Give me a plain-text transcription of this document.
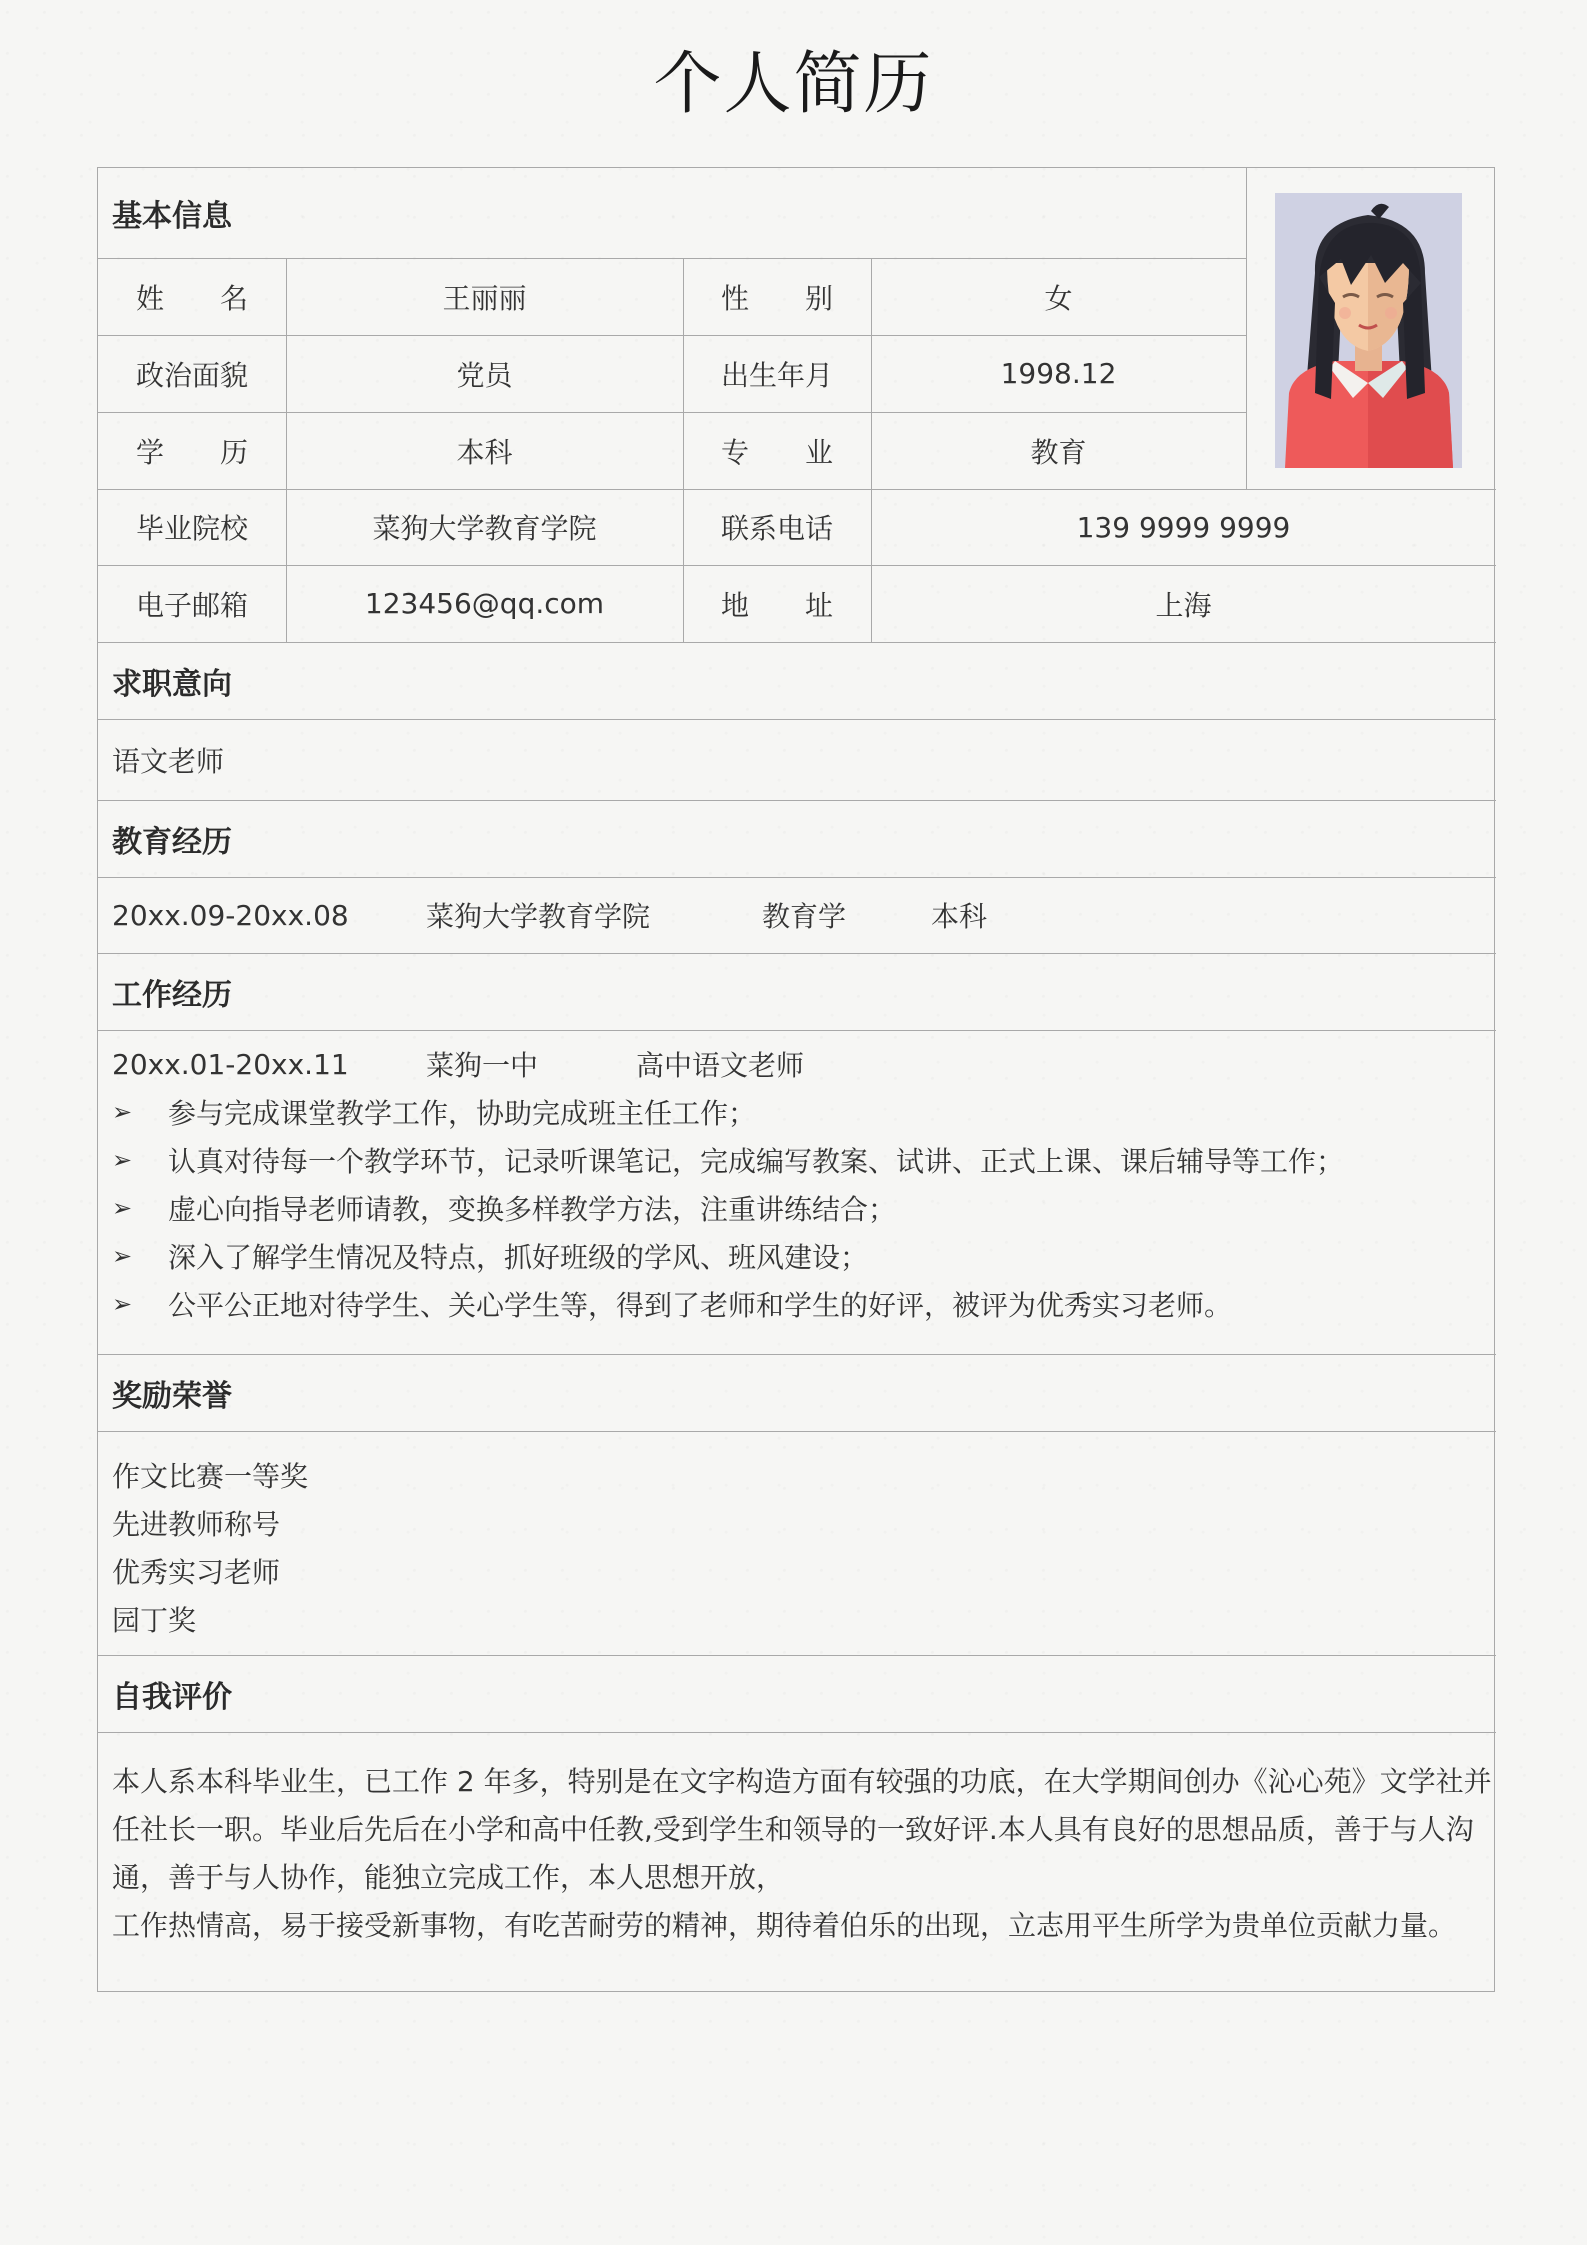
个人简历
基本信息
姓　　名	王丽丽	性　　别	女
政治面貌	党员	出生年月	1998.12
学　　历	本科	专　　业	教育
毕业院校	菜狗大学教育学院	联系电话	139 9999 9999
电子邮箱	123456@qq.com	地　　址	上海
求职意向
语文老师
教育经历
20xx.09-20xx.08	菜狗大学教育学院	教育学	本科
工作经历
20xx.01-20xx.11	菜狗一中	高中语文老师
➢	参与完成课堂教学工作，协助完成班主任工作；
➢	认真对待每一个教学环节，记录听课笔记，完成编写教案、试讲、正式上课、课后辅导等工作；
➢	虚心向指导老师请教，变换多样教学方法，注重讲练结合；
➢	深入了解学生情况及特点，抓好班级的学风、班风建设；
➢	公平公正地对待学生、关心学生等，得到了老师和学生的好评，被评为优秀实习老师。
奖励荣誉
作文比赛一等奖
先进教师称号
优秀实习老师
园丁奖
自我评价
本人系本科毕业生，已工作 2 年多，特别是在文字构造方面有较强的功底，在大学期间创办《沁心苑》文学社并
任社长一职。毕业后先后在小学和高中任教,受到学生和领导的一致好评.本人具有良好的思想品质，善于与人沟
通，善于与人协作，能独立完成工作，本人思想开放，
工作热情高，易于接受新事物，有吃苦耐劳的精神，期待着伯乐的出现，立志用平生所学为贵单位贡献力量。
